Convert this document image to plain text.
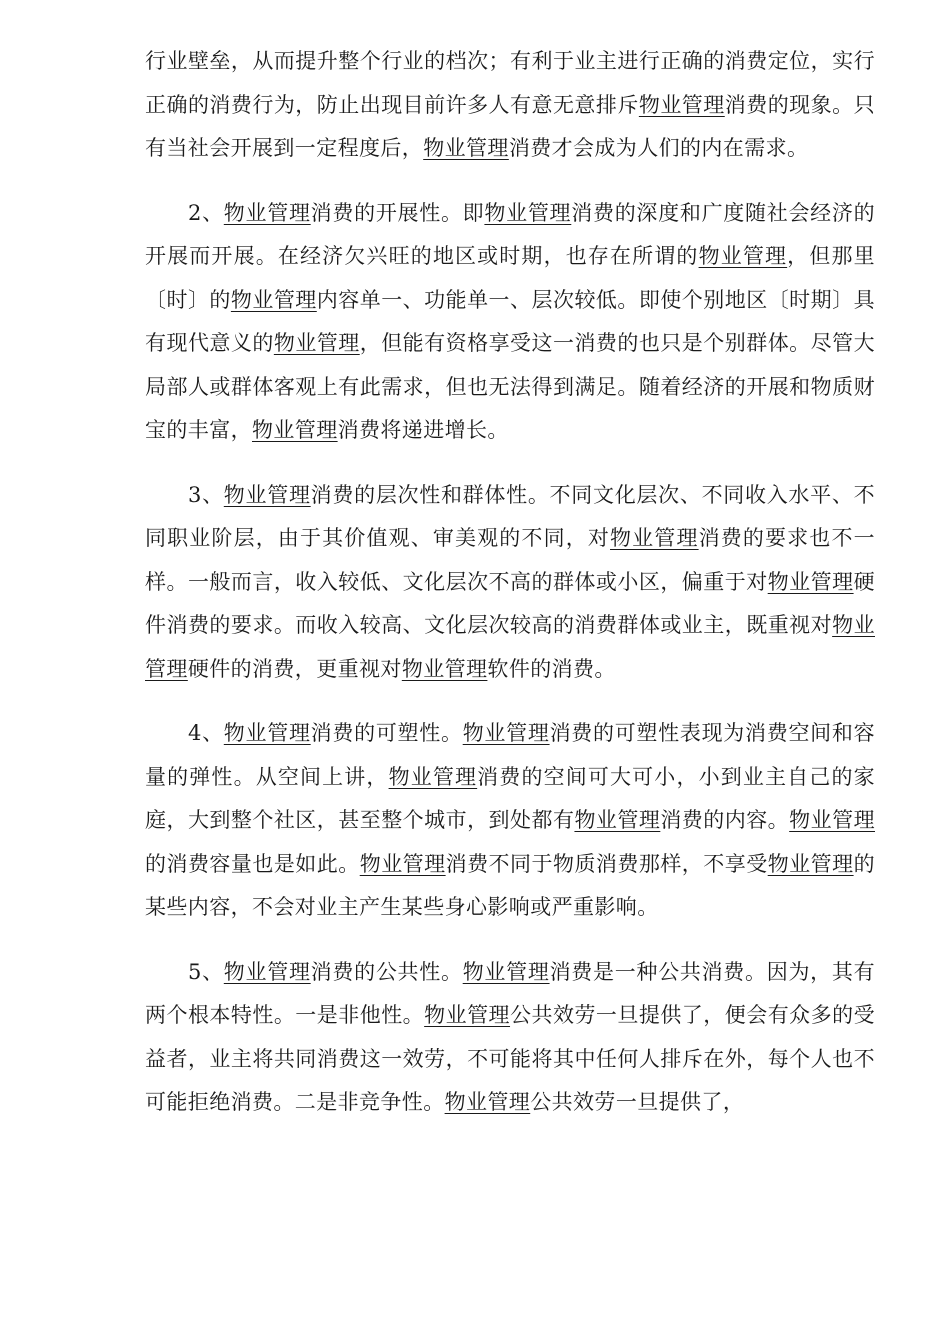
行业壁垒，从而提升整个行业的档次；有利于业主进行正确的消费定位，实行正确的消费行为，防止出现目前许多人有意无意排斥物业管理消费的现象。只有当社会开展到一定程度后，物业管理消费才会成为人们的内在需求。

2、物业管理消费的开展性。即物业管理消费的深度和广度随社会经济的开展而开展。在经济欠兴旺的地区或时期，也存在所谓的物业管理，但那里〔时〕的物业管理内容单一、功能单一、层次较低。即使个别地区〔时期〕具有现代意义的物业管理，但能有资格享受这一消费的也只是个别群体。尽管大局部人或群体客观上有此需求，但也无法得到满足。随着经济的开展和物质财宝的丰富，物业管理消费将递进增长。

3、物业管理消费的层次性和群体性。不同文化层次、不同收入水平、不同职业阶层，由于其价值观、审美观的不同，对物业管理消费的要求也不一样。一般而言，收入较低、文化层次不高的群体或小区，偏重于对物业管理硬件消费的要求。而收入较高、文化层次较高的消费群体或业主，既重视对物业管理硬件的消费，更重视对物业管理软件的消费。

4、物业管理消费的可塑性。物业管理消费的可塑性表现为消费空间和容量的弹性。从空间上讲，物业管理消费的空间可大可小，小到业主自己的家庭，大到整个社区，甚至整个城市，到处都有物业管理消费的内容。物业管理的消费容量也是如此。物业管理消费不同于物质消费那样，不享受物业管理的某些内容，不会对业主产生某些身心影响或严重影响。

5、物业管理消费的公共性。物业管理消费是一种公共消费。因为，其有两个根本特性。一是非他性。物业管理公共效劳一旦提供了，便会有众多的受益者，业主将共同消费这一效劳，不可能将其中任何人排斥在外，每个人也不可能拒绝消费。二是非竞争性。物业管理公共效劳一旦提供了，
